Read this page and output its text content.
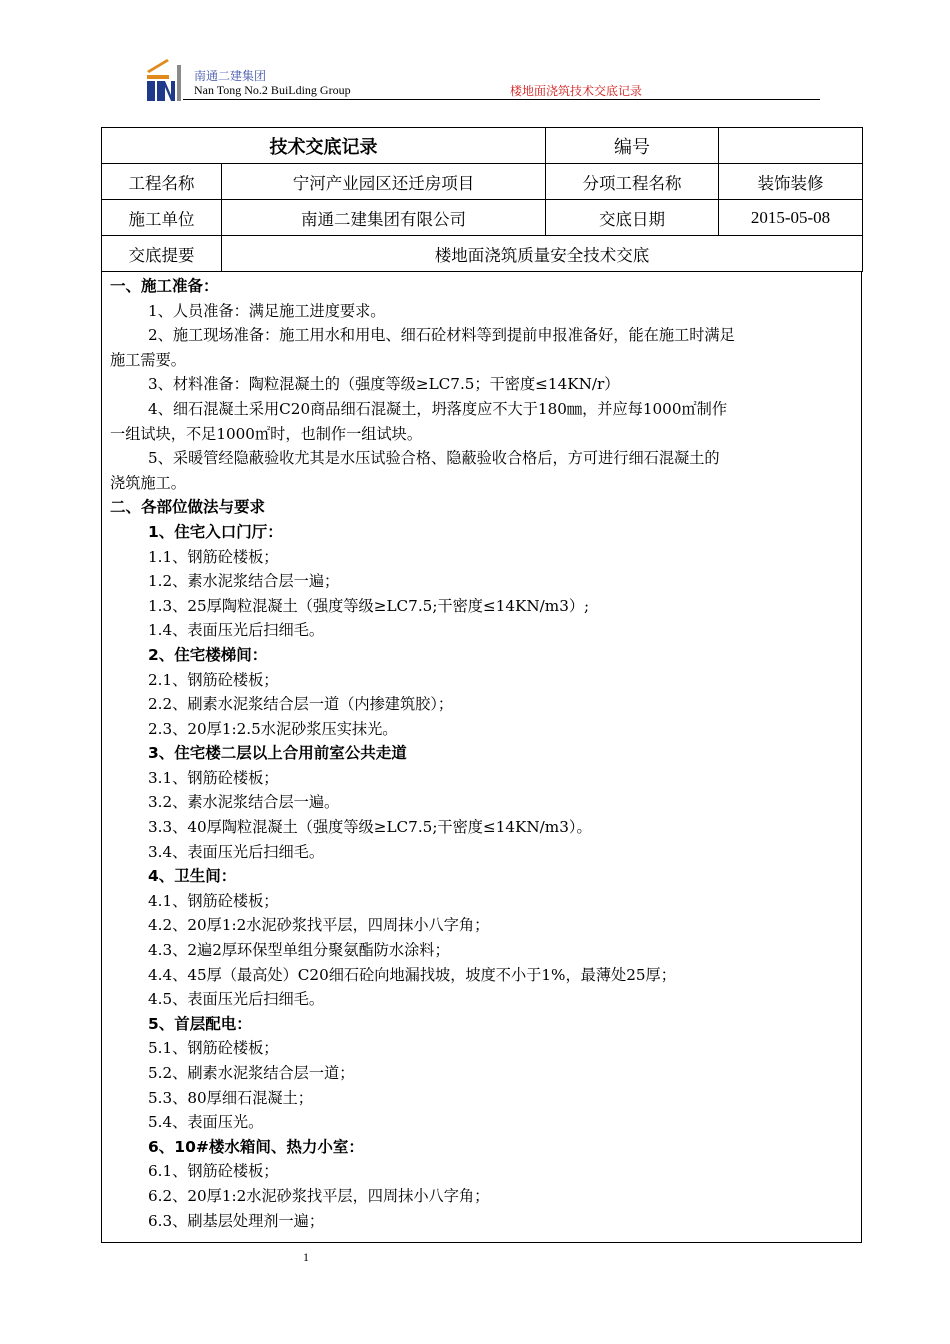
南通二建集团
Nan Tong No.2 BuiLding Group	楼地面浇筑技术交底记录
技术交底记录		编号	
工程名称	宁河产业园区还迁房项目	分项工程名称	装饰装修
施工单位	南通二建集团有限公司	交底日期	2015-05-08
交底提要	楼地面浇筑质量安全技术交底		

一、施工准备：

1、人员准备：满足施工进度要求。

2、施工现场准备：施工用水和用电、细石砼材料等到提前申报准备好，能在施工时满足

施工需要。

3、材料准备：陶粒混凝土的（强度等级≥LC7.5；干密度≤14KN/r）

4、细石混凝土采用C20商品细石混凝土，坍落度应不大于180㎜，并应每1000㎡制作

一组试块，不足1000㎡时，也制作一组试块。

5、采暖管经隐蔽验收尤其是水压试验合格、隐蔽验收合格后，方可进行细石混凝土的

浇筑施工。

二、各部位做法与要求

1、住宅入口门厅：

1.1、钢筋砼楼板；

1.2、素水泥浆结合层一遍；

1.3、25厚陶粒混凝土（强度等级≥LC7.5;干密度≤14KN/m3）;

1.4、表面压光后扫细毛。

2、住宅楼梯间：

2.1、钢筋砼楼板；

2.2、刷素水泥浆结合层一道（内掺建筑胶）；

2.3、20厚1:2.5水泥砂浆压实抹光。

3、住宅楼二层以上合用前室公共走道

3.1、钢筋砼楼板；

3.2、素水泥浆结合层一遍。

3.3、40厚陶粒混凝土（强度等级≥LC7.5;干密度≤14KN/m3）。

3.4、表面压光后扫细毛。

4、卫生间：

4.1、钢筋砼楼板；

4.2、20厚1:2水泥砂浆找平层，四周抹小八字角；

4.3、2遍2厚环保型单组分聚氨酯防水涂料；

4.4、45厚（最高处）C20细石砼向地漏找坡，坡度不小于1%，最薄处25厚；

4.5、表面压光后扫细毛。

5、首层配电：

5.1、钢筋砼楼板；

5.2、刷素水泥浆结合层一道；

5.3、80厚细石混凝土；

5.4、表面压光。

6、10#楼水箱间、热力小室：

6.1、钢筋砼楼板；

6.2、20厚1:2水泥砂浆找平层，四周抹小八字角；

6.3、刷基层处理剂一遍；

1
